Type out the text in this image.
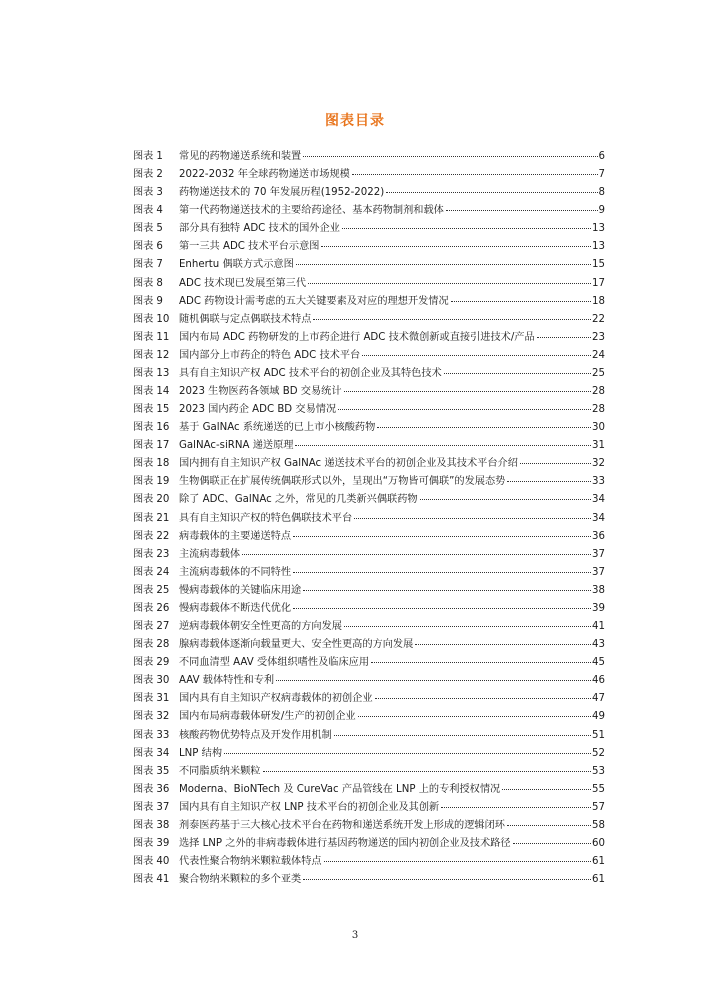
图表目录
图表 1	常见的药物递送系统和装置	6
图表 2	2022-2032 年全球药物递送市场规模	7
图表 3	药物递送技术的 70 年发展历程(1952-2022)	8
图表 4	第一代药物递送技术的主要给药途径、基本药物制剂和载体	9
图表 5	部分具有独特 ADC 技术的国外企业	13
图表 6	第一三共 ADC 技术平台示意图	13
图表 7	Enhertu 偶联方式示意图	15
图表 8	ADC 技术现已发展至第三代	17
图表 9	ADC 药物设计需考虑的五大关键要素及对应的理想开发情况	18
图表 10 随机偶联与定点偶联技术特点	22
图表 11 国内布局 ADC 药物研发的上市药企进行 ADC 技术微创新或直接引进技术/产品	23
图表 12 国内部分上市药企的特色 ADC 技术平台	24
图表 13 具有自主知识产权 ADC 技术平台的初创企业及其特色技术	25
图表 14 2023 生物医药各领域 BD 交易统计	28
图表 15 2023 国内药企 ADC BD 交易情况	28
图表 16 基于 GalNAc 系统递送的已上市小核酸药物	30
图表 17 GalNAc-siRNA 递送原理	31
图表 18 国内拥有自主知识产权 GalNAc 递送技术平台的初创企业及其技术平台介绍	32
图表 19 生物偶联正在扩展传统偶联形式以外，呈现出“万物皆可偶联”的发展态势	33
图表 20 除了 ADC、GalNAc 之外，常见的几类新兴偶联药物	34
图表 21 具有自主知识产权的特色偶联技术平台	34
图表 22 病毒载体的主要递送特点	36
图表 23 主流病毒载体	37
图表 24 主流病毒载体的不同特性	37
图表 25 慢病毒载体的关键临床用途	38
图表 26 慢病毒载体不断迭代优化	39
图表 27 逆病毒载体朝安全性更高的方向发展	41
图表 28 腺病毒载体逐渐向载量更大、安全性更高的方向发展	43
图表 29 不同血清型 AAV 受体组织嗜性及临床应用	45
图表 30 AAV 载体特性和专利	46
图表 31 国内具有自主知识产权病毒载体的初创企业	47
图表 32 国内布局病毒载体研发/生产的初创企业	49
图表 33 核酸药物优势特点及开发作用机制	51
图表 34 LNP 结构	52
图表 35 不同脂质纳米颗粒	53
图表 36 Moderna、BioNTech 及 CureVac 产品管线在 LNP 上的专利授权情况	55
图表 37 国内具有自主知识产权 LNP 技术平台的初创企业及其创新	57
图表 38 剂泰医药基于三大核心技术平台在药物和递送系统开发上形成的逻辑闭环	58
图表 39 选择 LNP 之外的非病毒载体进行基因药物递送的国内初创企业及技术路径	60
图表 40 代表性聚合物纳米颗粒载体特点	61
图表 41 聚合物纳米颗粒的多个亚类	61
3
